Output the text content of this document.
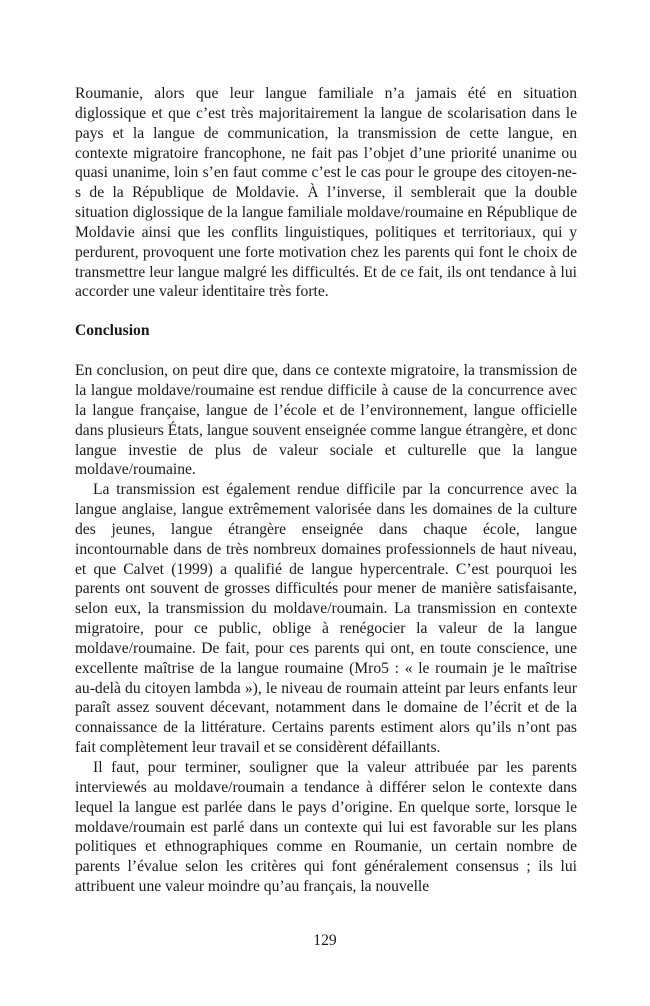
Roumanie, alors que leur langue familiale n’a jamais été en situation diglossique et que c’est très majoritairement la langue de scolarisation dans le pays et la langue de communication, la transmission de cette langue, en contexte migratoire francophone, ne fait pas l’objet d’une priorité unanime ou quasi unanime, loin s’en faut comme c’est le cas pour le groupe des citoyen-ne-s de la République de Moldavie. À l’inverse, il semblerait que la double situation diglossique de la langue familiale moldave/roumaine en République de Moldavie ainsi que les conflits linguistiques, politiques et territoriaux, qui y perdurent, provoquent une forte motivation chez les parents qui font le choix de transmettre leur langue malgré les difficultés. Et de ce fait, ils ont tendance à lui accorder une valeur identitaire très forte.

Conclusion

En conclusion, on peut dire que, dans ce contexte migratoire, la transmission de la langue moldave/roumaine est rendue difficile à cause de la concurrence avec la langue française, langue de l’école et de l’environnement, langue officielle dans plusieurs États, langue souvent enseignée comme langue étrangère, et donc langue investie de plus de valeur sociale et culturelle que la langue moldave/roumaine.

La transmission est également rendue difficile par la concurrence avec la langue anglaise, langue extrêmement valorisée dans les domaines de la culture des jeunes, langue étrangère enseignée dans chaque école, langue incontournable dans de très nombreux domaines professionnels de haut niveau, et que Calvet (1999) a qualifié de langue hypercentrale. C’est pourquoi les parents ont souvent de grosses difficultés pour mener de manière satisfaisante, selon eux, la transmission du moldave/roumain. La transmission en contexte migratoire, pour ce public, oblige à renégocier la valeur de la langue moldave/roumaine. De fait, pour ces parents qui ont, en toute conscience, une excellente maîtrise de la langue roumaine (Mro5 : « le roumain je le maîtrise au-delà du citoyen lambda »), le niveau de roumain atteint par leurs enfants leur paraît assez souvent décevant, notamment dans le domaine de l’écrit et de la connaissance de la littérature. Certains parents estiment alors qu’ils n’ont pas fait complètement leur travail et se considèrent défaillants.

Il faut, pour terminer, souligner que la valeur attribuée par les parents interviewés au moldave/roumain a tendance à différer selon le contexte dans lequel la langue est parlée dans le pays d’origine. En quelque sorte, lorsque le moldave/roumain est parlé dans un contexte qui lui est favorable sur les plans politiques et ethnographiques comme en Roumanie, un certain nombre de parents l’évalue selon les critères qui font généralement consensus ; ils lui attribuent une valeur moindre qu’au français, la nouvelle

129
